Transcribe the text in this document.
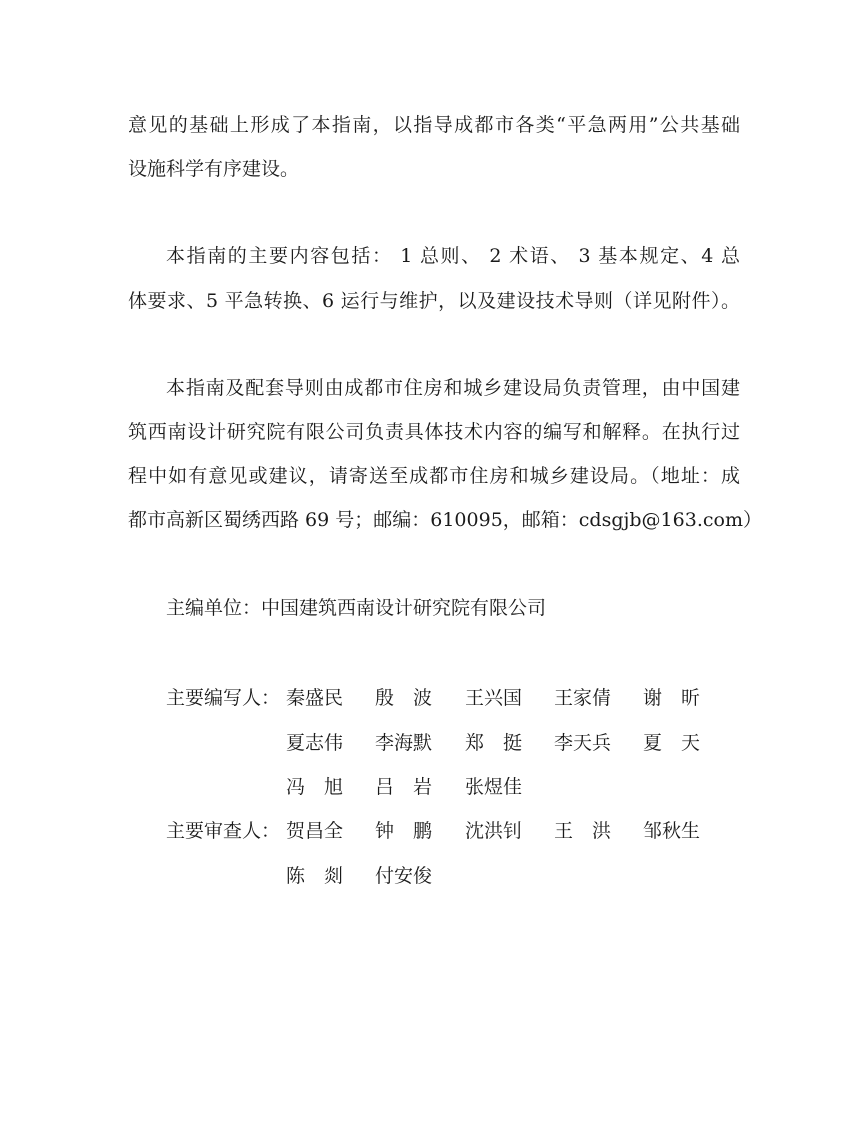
意见的基础上形成了本指南，以指导成都市各类“平急两用”公共基础
设施科学有序建设。
本指南的主要内容包括： 1 总则、 2 术语、 3 基本规定、4 总
体要求、5 平急转换、6 运行与维护，以及建设技术导则（详见附件）。
本指南及配套导则由成都市住房和城乡建设局负责管理，由中国建
筑西南设计研究院有限公司负责具体技术内容的编写和解释。在执行过
程中如有意见或建议，请寄送至成都市住房和城乡建设局。（地址：成
都市高新区蜀绣西路 69 号；邮编：610095，邮箱：cdsgjb@163.com）
主编单位：中国建筑西南设计研究院有限公司
主要编写人： 秦盛民	殷　波	王兴国	王家倩	谢　昕
夏志伟	李海默	郑　挺	李天兵	夏　天
冯　旭	吕　岩	张煜佳
主要审查人： 贺昌全	钟　鹏	沈洪钊	王　洪	邹秋生
陈　剡	付安俊
